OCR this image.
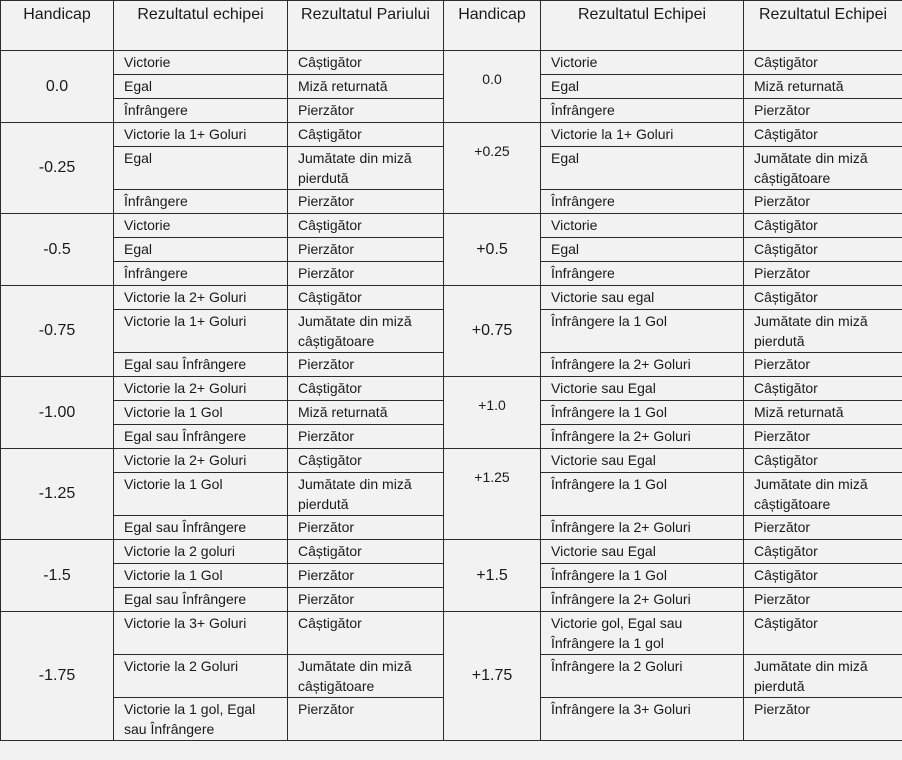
Handicap	Rezultatul echipei	Rezultatul Pariului	Handicap	Rezultatul Echipei	Rezultatul Echipei
0.0	Victorie	Câștigător	0.0	Victorie	Câștigător
	Egal	Miză returnată		Egal	Miză returnată
	Înfrângere	Pierzător		Înfrângere	Pierzător
-0.25	Victorie la 1+ Goluri	Câștigător	+0.25	Victorie la 1+ Goluri	Câștigător
	Egal	Jumătate din miză pierdută		Egal	Jumătate din miză câștigătoare
	Înfrângere	Pierzător		Înfrângere	Pierzător
-0.5	Victorie	Câștigător	+0.5	Victorie	Câștigător
	Egal	Pierzător		Egal	Câștigător
	Înfrângere	Pierzător		Înfrângere	Pierzător
-0.75	Victorie la 2+ Goluri	Câștigător	+0.75	Victorie sau egal	Câștigător
	Victorie la 1+ Goluri	Jumătate din miză câștigătoare		Înfrângere la 1 Gol	Jumătate din miză pierdută
	Egal sau Înfrângere	Pierzător		Înfrângere la 2+ Goluri	Pierzător
-1.00	Victorie la 2+ Goluri	Câștigător	+1.0	Victorie sau Egal	Câștigător
	Victorie la 1 Gol	Miză returnată		Înfrângere la 1 Gol	Miză returnată
	Egal sau Înfrângere	Pierzător		Înfrângere la 2+ Goluri	Pierzător
-1.25	Victorie la 2+ Goluri	Câștigător	+1.25	Victorie sau Egal	Câștigător
	Victorie la 1 Gol	Jumătate din miză pierdută		Înfrângere la 1 Gol	Jumătate din miză câștigătoare
	Egal sau Înfrângere	Pierzător		Înfrângere la 2+ Goluri	Pierzător
-1.5	Victorie la 2 goluri	Câștigător	+1.5	Victorie sau Egal	Câștigător
	Victorie la 1 Gol	Pierzător		Înfrângere la 1 Gol	Câștigător
	Egal sau Înfrângere	Pierzător		Înfrângere la 2+ Goluri	Pierzător
-1.75	Victorie la 3+ Goluri	Câștigător	+1.75	Victorie gol, Egal sau Înfrângere la 1 gol	Câștigător
	Victorie la 2 Goluri	Jumătate din miză câștigătoare		Înfrângere la 2 Goluri	Jumătate din miză pierdută
	Victorie la 1 gol, Egal sau Înfrângere	Pierzător		Înfrângere la 3+ Goluri	Pierzător
